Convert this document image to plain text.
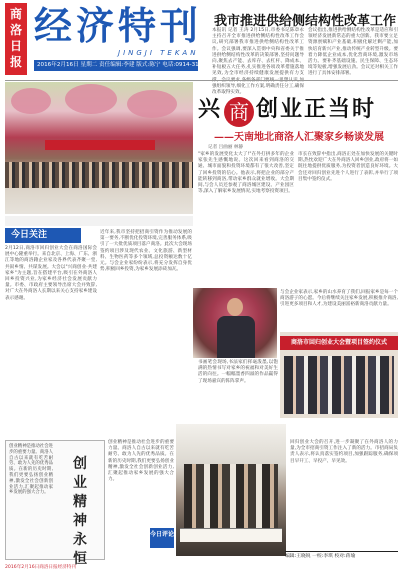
商洛日报
经济特刊
JINGJI TEKAN
2016年2月16日 星期二 责任编辑:李建 版式:陈宁 电话:0914-3156...
我市推进供给侧结构性改革工作
本报讯 记者 王涛 2月15日,市委书记陈章永主持召开全市推进供给侧结构性改革工作会议,研究部署我市推进供给侧结构性改革工作。会议强调,要深入贯彻中央和省委关于推进供给侧结构性改革的决策部署,坚持问题导向,聚焦去产能、去库存、去杠杆、降成本、补短板五大任务,扎实推进各项改革措施落地见效,为全市经济持续健康发展提供有力支 强组织领导,细化工作方案,明确责任分工,确保改革取得实效。
会议指出,推进供给侧结构性改革是适应和引领经济发展新常态的重大创新。我市要立足资源禀赋和产业基础,积极化解过剩产能,加快培育新兴产业,推动传统产业转型升级。要着力降低企业成本,优化营商环境,激发市场活力。要补齐基础设施、民生保障、生态环境等短板,增强发展后劲。会议还对相关工作进行了具体安排部署。
兴 商 创业正当时
——天南地北商洛人汇聚家乡畅谈发展
记者 吕曲丽 林静
今日关注
2月12日,商洛市回归创业大会在商洛国际会展中心隆重举行。来自北京、上海、广东、浙江等地的商洛籍企业家及各界代表齐聚一堂,共叙乡情、共谋发展。大会以"兴商创业·共建家乡"为主题,旨在搭建平台,吸引在外商洛人回乡投资兴业,为家乡经济社会发展贡献力量。市委、市政府主要领导出席大会并致辞,对广大在外商洛人长期以来关心支持家乡建设表示感谢。
近年来,我市坚持把招商引资作为推动发展的第一要务,不断优化投资环境,完善服务体系,吸引了一大批优质项目落户商洛。此次大会现场签约项目涉及现代农业、文化旅游、新型材料、生物医药等多个领域,总投资额达数十亿元。与会企业家纷纷表示,将充分发挥自身优势,积极回乡投资,为家乡发展添砖加瓦。
"家乡的发展变化太大了!"在外打拼多年的企业家张先生感慨地说。这次回来看到商洛的交通、城市面貌和投资环境都有了很大改善,坚定了回乡投资的信心。他表示,将把企业的部分产能转移到商洛,带动家乡群众就业增收。大会期间,与会人员还参观了商洛城区建设、产业园区等,深入了解家乡发展情况,实地考察投资项目。
市长在致辞中指出,商洛正处在加快发展的关键时期,热忱欢迎广大在外商洛人回乡创业,政府将一如既往地提供优质服务,为投资者创造良好环境。大会还对回归创业先进个人进行了表彰,并举行了项目集中签约仪式。
与会企业家表示,家乡的山水养育了我们,回报家乡是每一个商洛游子的心愿。今后将继续关注家乡发展,积极推介商洛,引进更多项目和人才,为建设美丽富裕新商洛贡献力量。
书画笔会现场,书法家们挥毫泼墨,以饱满的热情书写对家乡的祝福和对美好生活的向往。一幅幅墨香四溢的作品赢得了现场嘉宾的阵阵掌声。
商洛市回归创业大会暨项目签约仪式
创业精神是推动社会进步的重要力量。商洛人自古以来就有吃苦耐劳、敢为人先的优秀品质。在新的历史时期,我们更要弘扬创业精神,激发全社会创新创业活力,汇聚起推动家乡发展的强大合力。
回归创业大会的召开,进一步凝聚了在外商洛人的力量,为全市招商引资工作注入了新的活力。市招商局负责人表示,将认真落实签约项目,加强跟踪服务,确保项目早开工、早投产、早见效。
创业精神是推动社会进步的重要力量。商洛人自古以来就有吃苦耐劳、敢为人先的优秀品质。在新的历史时期,我们更要弘扬创业精神,激发全社会创新创业活力,汇聚起推动家乡发展的强大合力。
创
业
精
神
永
恒
今日评论
编辑:王晓锐 一校:李琪 校对:蒋瑜
2016年2月16日商洛日报经济特刊
